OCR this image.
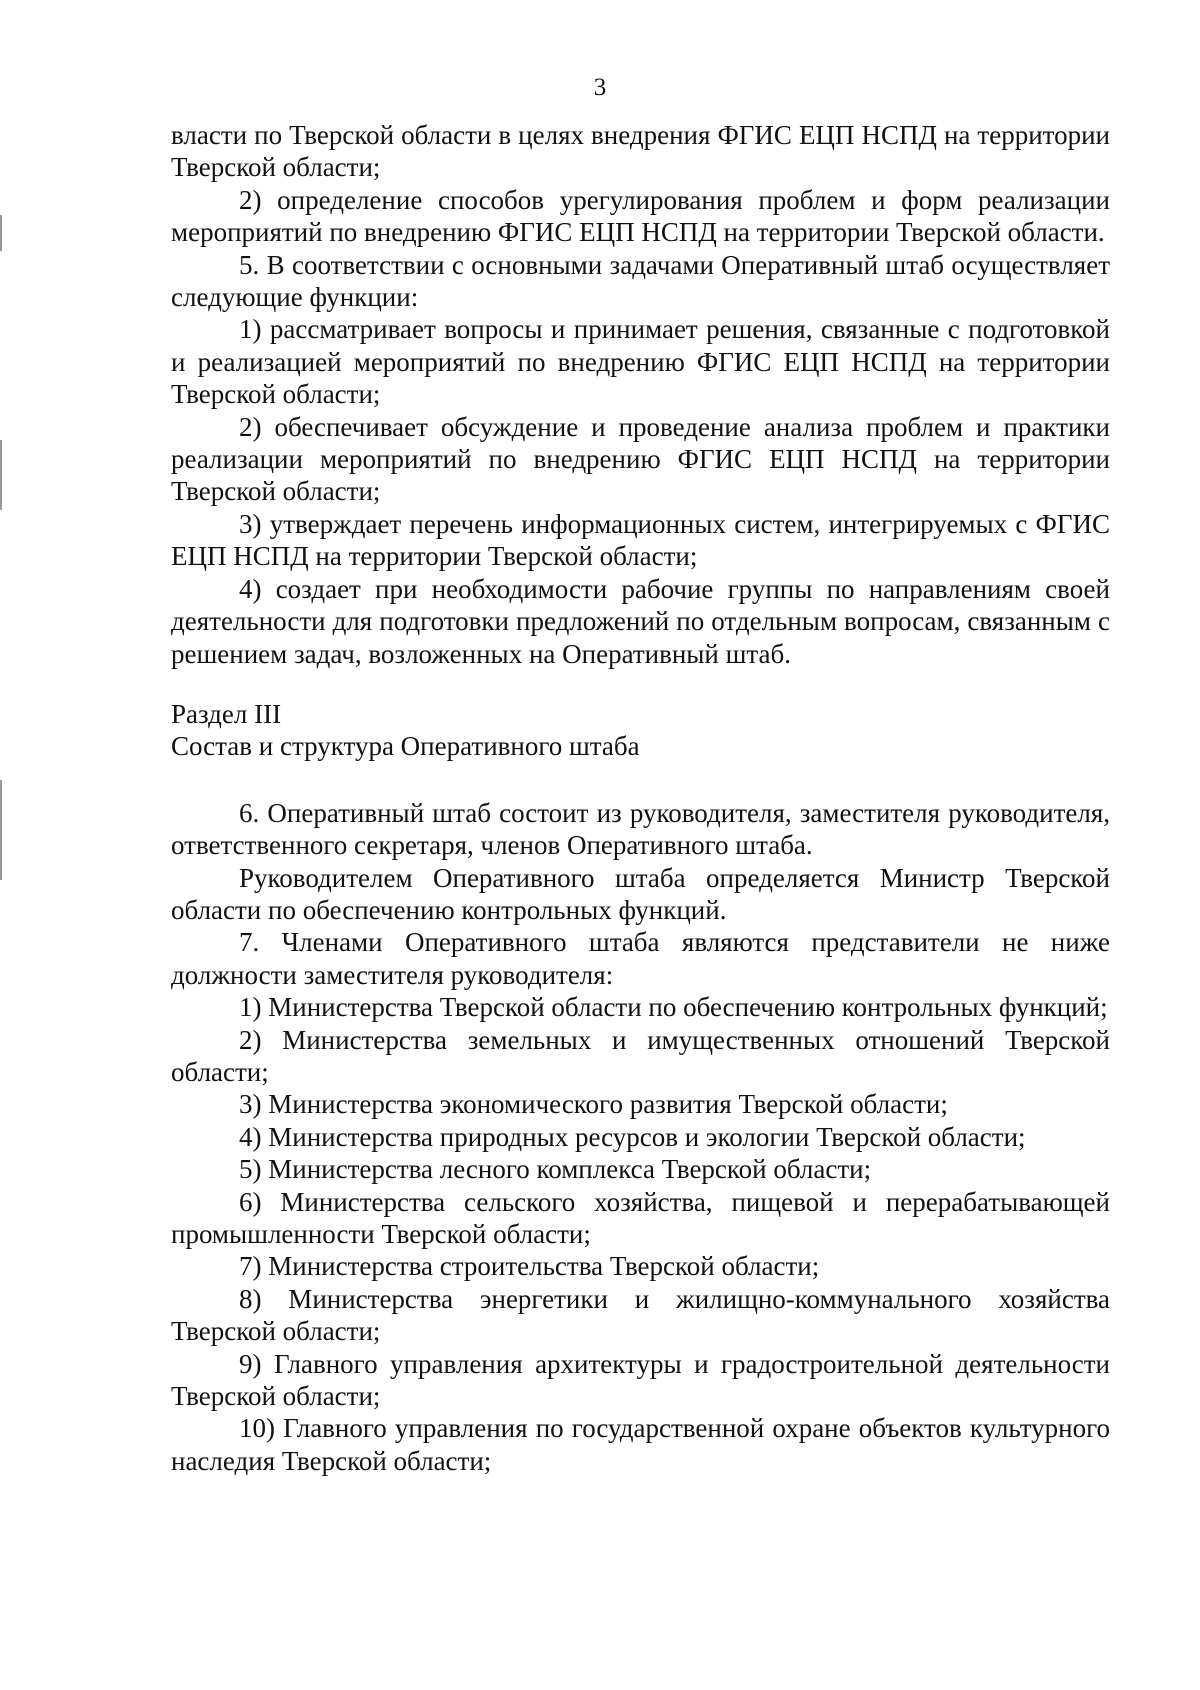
3

власти по Тверской области в целях внедрения ФГИС ЕЦП НСПД на территории Тверской области;

2) определение способов урегулирования проблем и форм реализации мероприятий по внедрению ФГИС ЕЦП НСПД на территории Тверской области.

5. В соответствии с основными задачами Оперативный штаб осуществляет следующие функции:

1) рассматривает вопросы и принимает решения, связанные с подготовкой и реализацией мероприятий по внедрению ФГИС ЕЦП НСПД на территории Тверской области;

2) обеспечивает обсуждение и проведение анализа проблем и практики реализации мероприятий по внедрению ФГИС ЕЦП НСПД на территории Тверской области;

3) утверждает перечень информационных систем, интегрируемых с ФГИС ЕЦП НСПД на территории Тверской области;

4) создает при необходимости рабочие группы по направлениям своей деятельности для подготовки предложений по отдельным вопросам, связанным с решением задач, возложенных на Оперативный штаб.

Раздел III

Состав и структура Оперативного штаба

6. Оперативный штаб состоит из руководителя, заместителя руководителя, ответственного секретаря, членов Оперативного штаба.

Руководителем Оперативного штаба определяется Министр Тверской области по обеспечению контрольных функций.

7. Членами Оперативного штаба являются представители не ниже должности заместителя руководителя:

1) Министерства Тверской области по обеспечению контрольных функций;

2) Министерства земельных и имущественных отношений Тверской области;

3) Министерства экономического развития Тверской области;

4) Министерства природных ресурсов и экологии Тверской области;

5) Министерства лесного комплекса Тверской области;

6) Министерства сельского хозяйства, пищевой и перерабатывающей промышленности Тверской области;

7) Министерства строительства Тверской области;

8) Министерства энергетики и жилищно-коммунального хозяйства Тверской области;

9) Главного управления архитектуры и градостроительной деятельности Тверской области;

10) Главного управления по государственной охране объектов культурного наследия Тверской области;
